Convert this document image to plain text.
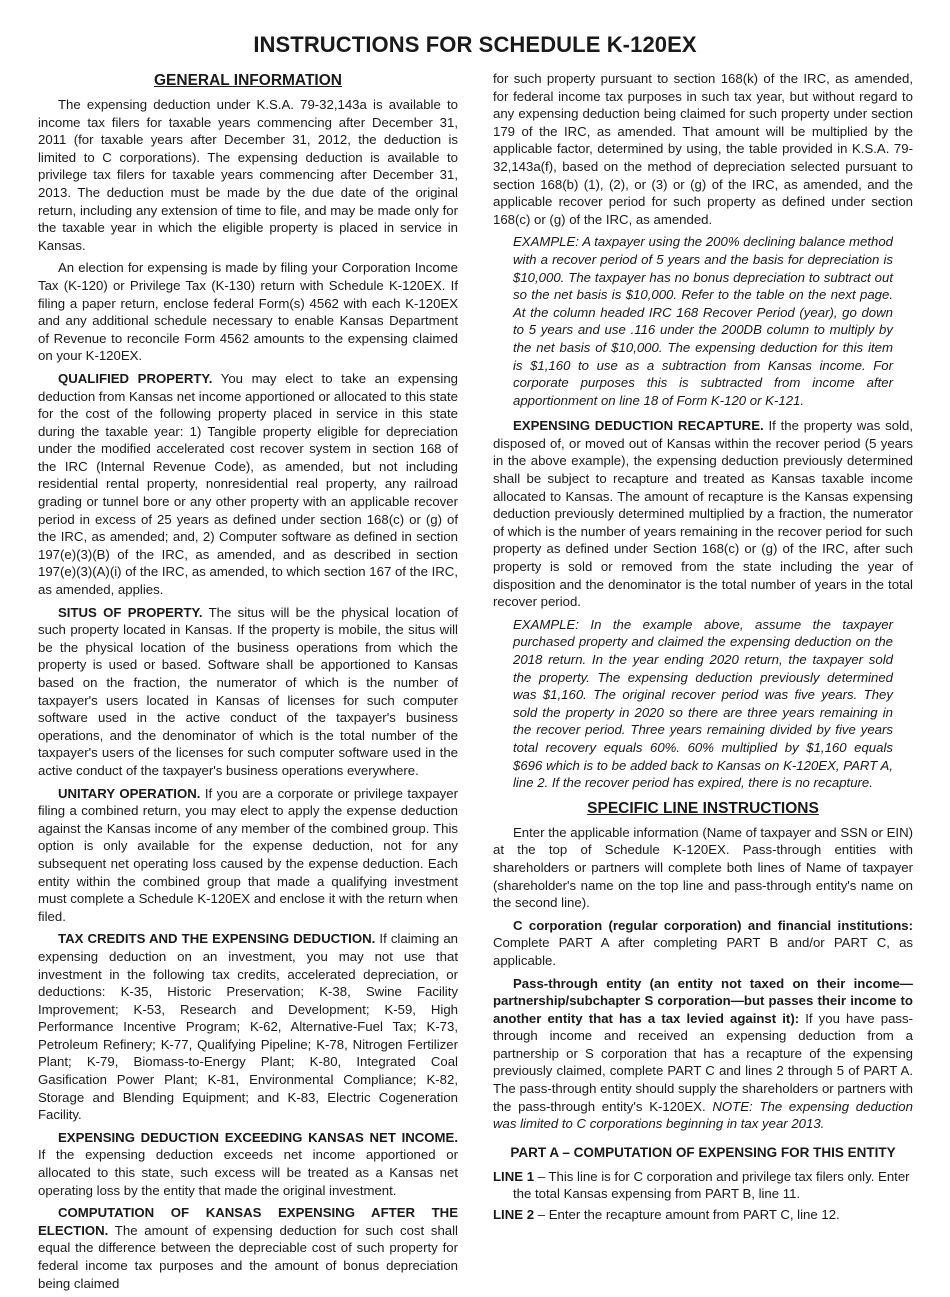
INSTRUCTIONS FOR SCHEDULE K-120EX
GENERAL INFORMATION

The expensing deduction under K.S.A. 79-32,143a is available to income tax filers for taxable years commencing after December 31, 2011 (for taxable years after December 31, 2012, the deduction is limited to C corporations). The expensing deduction is available to privilege tax filers for taxable years commencing after December 31, 2013. The deduction must be made by the due date of the original return, including any extension of time to file, and may be made only for the taxable year in which the eligible property is placed in service in Kansas.

An election for expensing is made by filing your Corporation Income Tax (K-120) or Privilege Tax (K-130) return with Schedule K-120EX. If filing a paper return, enclose federal Form(s) 4562 with each K-120EX and any additional schedule necessary to enable Kansas Department of Revenue to reconcile Form 4562 amounts to the expensing claimed on your K-120EX.

QUALIFIED PROPERTY. You may elect to take an expensing deduction from Kansas net income apportioned or allocated to this state for the cost of the following property placed in service in this state during the taxable year: 1) Tangible property eligible for depreciation under the modified accelerated cost recover system in section 168 of the IRC (Internal Revenue Code), as amended, but not including residential rental property, nonresidential real property, any railroad grading or tunnel bore or any other property with an applicable recover period in excess of 25 years as defined under section 168(c) or (g) of the IRC, as amended; and, 2) Computer software as defined in section 197(e)(3)(B) of the IRC, as amended, and as described in section 197(e)(3)(A)(i) of the IRC, as amended, to which section 167 of the IRC, as amended, applies.

SITUS OF PROPERTY. The situs will be the physical location of such property located in Kansas. If the property is mobile, the situs will be the physical location of the business operations from which the property is used or based. Software shall be apportioned to Kansas based on the fraction, the numerator of which is the number of taxpayer's users located in Kansas of licenses for such computer software used in the active conduct of the taxpayer's business operations, and the denominator of which is the total number of the taxpayer's users of the licenses for such computer software used in the active conduct of the taxpayer's business operations everywhere.

UNITARY OPERATION. If you are a corporate or privilege taxpayer filing a combined return, you may elect to apply the expense deduction against the Kansas income of any member of the combined group. This option is only available for the expense deduction, not for any subsequent net operating loss caused by the expense deduction. Each entity within the combined group that made a qualifying investment must complete a Schedule K-120EX and enclose it with the return when filed.

TAX CREDITS AND THE EXPENSING DEDUCTION. If claiming an expensing deduction on an investment, you may not use that investment in the following tax credits, accelerated depreciation, or deductions: K-35, Historic Preservation; K-38, Swine Facility Improvement; K-53, Research and Development; K-59, High Performance Incentive Program; K-62, Alternative-Fuel Tax; K-73, Petroleum Refinery; K-77, Qualifying Pipeline; K-78, Nitrogen Fertilizer Plant; K-79, Biomass-to-Energy Plant; K-80, Integrated Coal Gasification Power Plant; K-81, Environmental Compliance; K-82, Storage and Blending Equipment; and K-83, Electric Cogeneration Facility.

EXPENSING DEDUCTION EXCEEDING KANSAS NET INCOME. If the expensing deduction exceeds net income apportioned or allocated to this state, such excess will be treated as a Kansas net operating loss by the entity that made the original investment.

COMPUTATION OF KANSAS EXPENSING AFTER THE ELECTION. The amount of expensing deduction for such cost shall equal the difference between the depreciable cost of such property for federal income tax purposes and the amount of bonus depreciation being claimed

for such property pursuant to section 168(k) of the IRC, as amended, for federal income tax purposes in such tax year, but without regard to any expensing deduction being claimed for such property under section 179 of the IRC, as amended. That amount will be multiplied by the applicable factor, determined by using, the table provided in K.S.A. 79-32,143a(f), based on the method of depreciation selected pursuant to section 168(b) (1), (2), or (3) or (g) of the IRC, as amended, and the applicable recover period for such property as defined under section 168(c) or (g) of the IRC, as amended.

EXAMPLE: A taxpayer using the 200% declining balance method with a recover period of 5 years and the basis for depreciation is $10,000. The taxpayer has no bonus depreciation to subtract out so the net basis is $10,000. Refer to the table on the next page. At the column headed IRC 168 Recover Period (year), go down to 5 years and use .116 under the 200DB column to multiply by the net basis of $10,000. The expensing deduction for this item is $1,160 to use as a subtraction from Kansas income. For corporate purposes this is subtracted from income after apportionment on line 18 of Form K-120 or K-121.

EXPENSING DEDUCTION RECAPTURE. If the property was sold, disposed of, or moved out of Kansas within the recover period (5 years in the above example), the expensing deduction previously determined shall be subject to recapture and treated as Kansas taxable income allocated to Kansas. The amount of recapture is the Kansas expensing deduction previously determined multiplied by a fraction, the numerator of which is the number of years remaining in the recover period for such property as defined under Section 168(c) or (g) of the IRC, after such property is sold or removed from the state including the year of disposition and the denominator is the total number of years in the total recover period.

EXAMPLE: In the example above, assume the taxpayer purchased property and claimed the expensing deduction on the 2018 return. In the year ending 2020 return, the taxpayer sold the property. The expensing deduction previously determined was $1,160. The original recover period was five years. They sold the property in 2020 so there are three years remaining in the recover period. Three years remaining divided by five years total recovery equals 60%. 60% multiplied by $1,160 equals $696 which is to be added back to Kansas on K-120EX, PART A, line 2. If the recover period has expired, there is no recapture.

SPECIFIC LINE INSTRUCTIONS

Enter the applicable information (Name of taxpayer and SSN or EIN) at the top of Schedule K-120EX. Pass-through entities with shareholders or partners will complete both lines of Name of taxpayer (shareholder's name on the top line and pass-through entity's name on the second line).

C corporation (regular corporation) and financial institutions: Complete PART A after completing PART B and/or PART C, as applicable.

Pass-through entity (an entity not taxed on their income—partnership/subchapter S corporation—but passes their income to another entity that has a tax levied against it): If you have pass-through income and received an expensing deduction from a partnership or S corporation that has a recapture of the expensing previously claimed, complete PART C and lines 2 through 5 of PART A. The pass-through entity should supply the shareholders or partners with the pass-through entity's K-120EX. NOTE: The expensing deduction was limited to C corporations beginning in tax year 2013.

PART A – COMPUTATION OF EXPENSING FOR THIS ENTITY

LINE 1 – This line is for C corporation and privilege tax filers only. Enter the total Kansas expensing from PART B, line 11.

LINE 2 – Enter the recapture amount from PART C, line 12.
